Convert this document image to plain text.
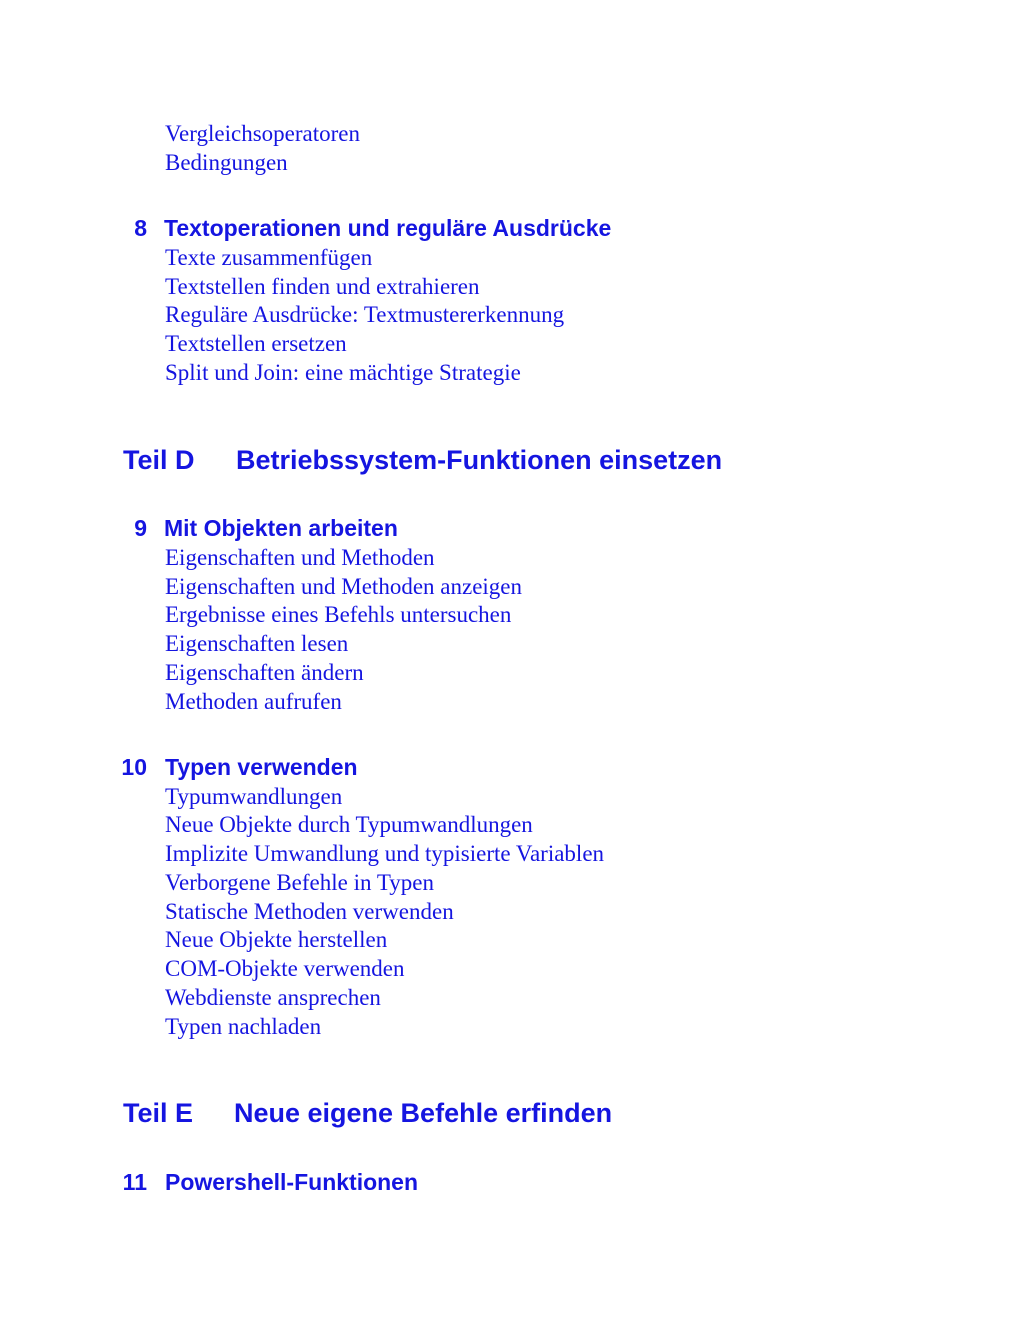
Vergleichsoperatoren
Bedingungen
8 Textoperationen und reguläre Ausdrücke
Texte zusammenfügen
Textstellen finden und extrahieren
Reguläre Ausdrücke: Textmustererkennung
Textstellen ersetzen
Split und Join: eine mächtige Strategie
Teil D Betriebssystem-Funktionen einsetzen
9 Mit Objekten arbeiten
Eigenschaften und Methoden
Eigenschaften und Methoden anzeigen
Ergebnisse eines Befehls untersuchen
Eigenschaften lesen
Eigenschaften ändern
Methoden aufrufen
10 Typen verwenden
Typumwandlungen
Neue Objekte durch Typumwandlungen
Implizite Umwandlung und typisierte Variablen
Verborgene Befehle in Typen
Statische Methoden verwenden
Neue Objekte herstellen
COM-Objekte verwenden
Webdienste ansprechen
Typen nachladen
Teil E Neue eigene Befehle erfinden
11 Powershell-Funktionen
